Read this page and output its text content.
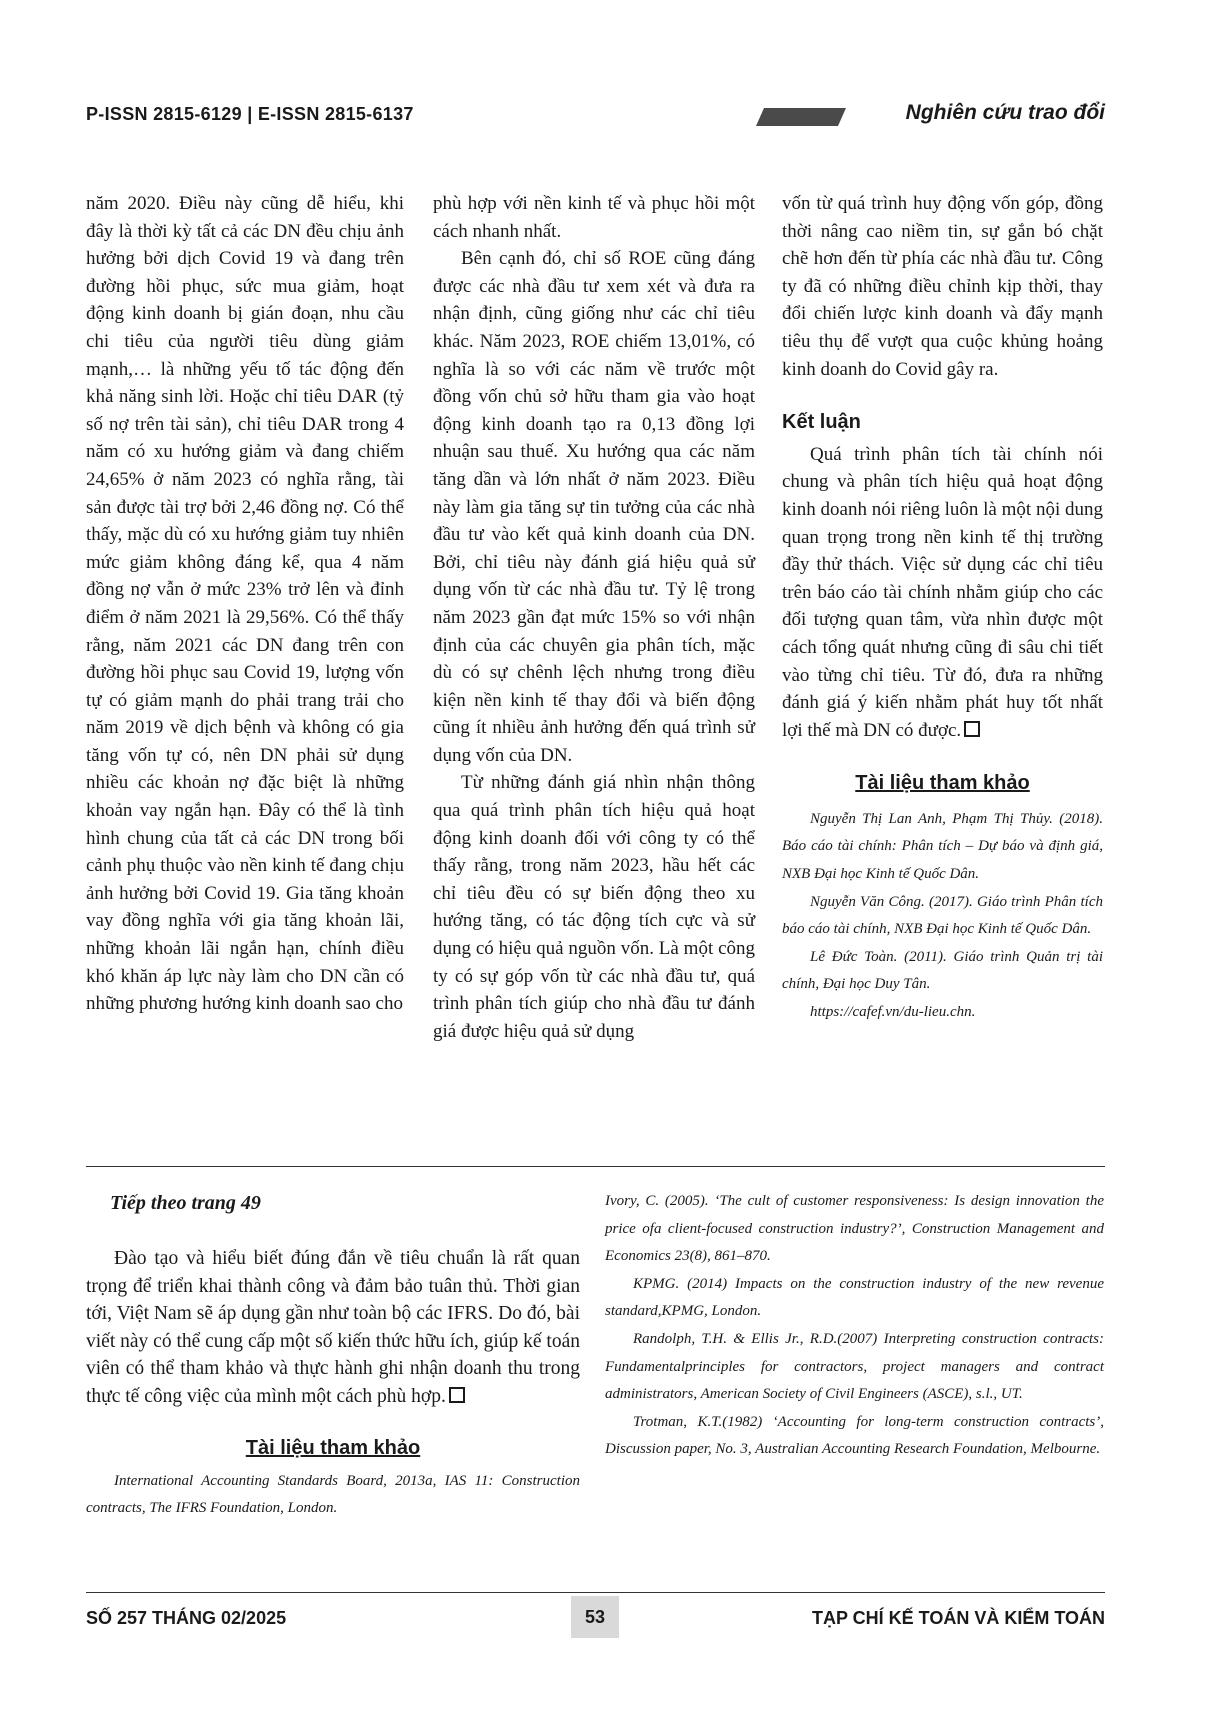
P-ISSN 2815-6129 | E-ISSN 2815-6137	Nghiên cứu trao đổi

năm 2020. Điều này cũng dễ hiểu, khi đây là thời kỳ tất cả các DN đều chịu ảnh hưởng bởi dịch Covid 19 và đang trên đường hồi phục, sức mua giảm, hoạt động kinh doanh bị gián đoạn, nhu cầu chi tiêu của người tiêu dùng giảm mạnh,… là những yếu tố tác động đến khả năng sinh lời. Hoặc chỉ tiêu DAR (tỷ số nợ trên tài sản), chỉ tiêu DAR trong 4 năm có xu hướng giảm và đang chiếm 24,65% ở năm 2023 có nghĩa rằng, tài sản được tài trợ bởi 2,46 đồng nợ. Có thể thấy, mặc dù có xu hướng giảm tuy nhiên mức giảm không đáng kể, qua 4 năm đồng nợ vẫn ở mức 23% trở lên và đỉnh điểm ở năm 2021 là 29,56%. Có thể thấy rằng, năm 2021 các DN đang trên con đường hồi phục sau Covid 19, lượng vốn tự có giảm mạnh do phải trang trải cho năm 2019 về dịch bệnh và không có gia tăng vốn tự có, nên DN phải sử dụng nhiều các khoản nợ đặc biệt là những khoản vay ngắn hạn. Đây có thể là tình hình chung của tất cả các DN trong bối cảnh phụ thuộc vào nền kinh tế đang chịu ảnh hưởng bởi Covid 19. Gia tăng khoản vay đồng nghĩa với gia tăng khoản lãi, những khoản lãi ngắn hạn, chính điều khó khăn áp lực này làm cho DN cần có những phương hướng kinh doanh sao cho

phù hợp với nền kinh tế và phục hồi một cách nhanh nhất.

Bên cạnh đó, chỉ số ROE cũng đáng được các nhà đầu tư xem xét và đưa ra nhận định, cũng giống như các chỉ tiêu khác. Năm 2023, ROE chiếm 13,01%, có nghĩa là so với các năm về trước một đồng vốn chủ sở hữu tham gia vào hoạt động kinh doanh tạo ra 0,13 đồng lợi nhuận sau thuế. Xu hướng qua các năm tăng dần và lớn nhất ở năm 2023. Điều này làm gia tăng sự tin tưởng của các nhà đầu tư vào kết quả kinh doanh của DN. Bởi, chỉ tiêu này đánh giá hiệu quả sử dụng vốn từ các nhà đầu tư. Tỷ lệ trong năm 2023 gần đạt mức 15% so với nhận định của các chuyên gia phân tích, mặc dù có sự chênh lệch nhưng trong điều kiện nền kinh tế thay đổi và biến động cũng ít nhiều ảnh hưởng đến quá trình sử dụng vốn của DN.

Từ những đánh giá nhìn nhận thông qua quá trình phân tích hiệu quả hoạt động kinh doanh đối với công ty có thể thấy rằng, trong năm 2023, hầu hết các chỉ tiêu đều có sự biến động theo xu hướng tăng, có tác động tích cực và sử dụng có hiệu quả nguồn vốn. Là một công ty có sự góp vốn từ các nhà đầu tư, quá trình phân tích giúp cho nhà đầu tư đánh giá được hiệu quả sử dụng

vốn từ quá trình huy động vốn góp, đồng thời nâng cao niềm tin, sự gắn bó chặt chẽ hơn đến từ phía các nhà đầu tư. Công ty đã có những điều chỉnh kịp thời, thay đổi chiến lược kinh doanh và đẩy mạnh tiêu thụ để vượt qua cuộc khủng hoảng kinh doanh do Covid gây ra.

Kết luận

Quá trình phân tích tài chính nói chung và phân tích hiệu quả hoạt động kinh doanh nói riêng luôn là một nội dung quan trọng trong nền kinh tế thị trường đầy thử thách. Việc sử dụng các chỉ tiêu trên báo cáo tài chính nhằm giúp cho các đối tượng quan tâm, vừa nhìn được một cách tổng quát nhưng cũng đi sâu chi tiết vào từng chỉ tiêu. Từ đó, đưa ra những đánh giá ý kiến nhằm phát huy tốt nhất lợi thế mà DN có được.

Tài liệu tham khảo

Nguyễn Thị Lan Anh, Phạm Thị Thủy. (2018). Báo cáo tài chính: Phân tích – Dự báo và định giá, NXB Đại học Kinh tế Quốc Dân.

Nguyễn Văn Công. (2017). Giáo trình Phân tích báo cáo tài chính, NXB Đại học Kinh tế Quốc Dân.

Lê Đức Toàn. (2011). Giáo trình Quản trị tài chính, Đại học Duy Tân.

https://cafef.vn/du-lieu.chn.

Tiếp theo trang 49

Đào tạo và hiểu biết đúng đắn về tiêu chuẩn là rất quan trọng để triển khai thành công và đảm bảo tuân thủ. Thời gian tới, Việt Nam sẽ áp dụng gần như toàn bộ các IFRS. Do đó, bài viết này có thể cung cấp một số kiến thức hữu ích, giúp kế toán viên có thể tham khảo và thực hành ghi nhận doanh thu trong thực tế công việc của mình một cách phù hợp.

Tài liệu tham khảo

International Accounting Standards Board, 2013a, IAS 11: Construction contracts, The IFRS Foundation, London.

Ivory, C. (2005). ‘The cult of customer responsiveness: Is design innovation the price ofa client-focused construction industry?’, Construction Management and Economics 23(8), 861–870.

KPMG. (2014) Impacts on the construction industry of the new revenue standard,KPMG, London.

Randolph, T.H. & Ellis Jr., R.D.(2007) Interpreting construction contracts: Fundamentalprinciples for contractors, project managers and contract administrators, American Society of Civil Engineers (ASCE), s.l., UT.

Trotman, K.T.(1982) ‘Accounting for long-term construction contracts’, Discussion paper, No. 3, Australian Accounting Research Foundation, Melbourne.

SỐ 257 THÁNG 02/2025	53	TẠP CHÍ KẾ TOÁN VÀ KIỂM TOÁN
